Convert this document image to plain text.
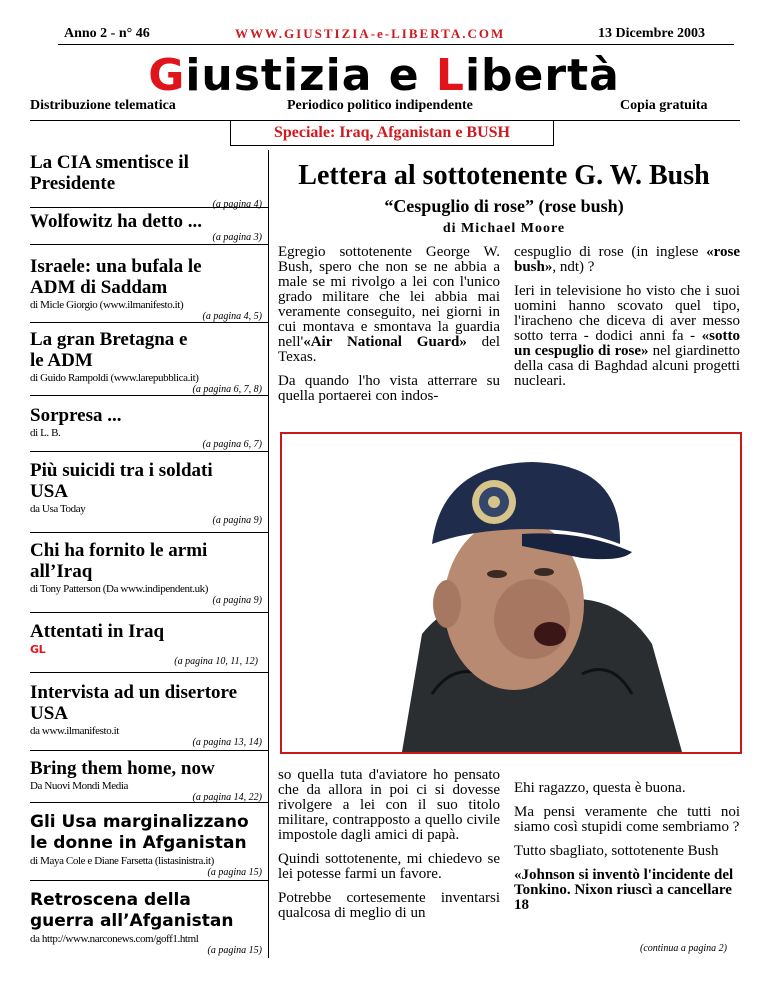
Anno 2 - n° 46	WWW.GIUSTIZIA-e-LIBERTA.COM	13 Dicembre 2003
Giustizia e Libertà
Distribuzione telematica	Periodico politico indipendente	Copia gratuita
Speciale: Iraq, Afganistan e BUSH
La CIA smentisce il Presidente
(a pagina 4)
Wolfowitz ha detto ...
(a pagina 3)
Israele: una bufala le ADM di Saddam
di Micle Giorgio (www.ilmanifesto.it)
(a pagina 4, 5)
La gran Bretagna e le ADM
di Guido Rampoldi (www.larepubblica.it)
(a pagina 6, 7, 8)
Sorpresa ...
di L. B.
(a pagina 6, 7)
Più suicidi tra i soldati USA
da Usa Today
(a pagina 9)
Chi ha fornito le armi all’Iraq
di Tony Patterson (Da www.indipendent.uk)
(a pagina 9)
Attentati in Iraq
GL
(a pagina 10, 11, 12)
Intervista ad un disertore USA
da www.ilmanifesto.it
(a pagina 13, 14)
Bring them home, now
Da Nuovi Mondi Media
(a pagina 14, 22)
Gli Usa marginalizzano le donne in Afganistan
di Maya Cole e Diane Farsetta (listasinistra.it)
(a pagina 15)
Retroscena della guerra all’Afganistan
da http://www.narconews.com/goff1.html
(a pagina 15)
Lettera al sottotenente G. W. Bush
“Cespuglio di rose” (rose bush)
di Michael Moore

Egregio sottotenente George W. Bush, spero che non se ne abbia a male se mi rivolgo a lei con l'unico grado militare che lei abbia mai veramente conseguito, nei giorni in cui montava e smontava la guardia nell'«Air National Guard» del Texas.

Da quando l'ho vista atterrare su quella portaerei con indos-

cespuglio di rose (in inglese «rose bush», ndt) ?

Ieri in televisione ho visto che i suoi uomini hanno scovato quel tipo, l'iracheno che diceva di aver messo sotto terra - dodici anni fa - «sotto un cespuglio di rose» nel giardinetto della casa di Baghdad alcuni progetti nucleari.

so quella tuta d'aviatore ho pensato che da allora in poi ci si dovesse rivolgere a lei con il suo titolo militare, contrapposto a quello civile impostole dagli amici di papà.

Quindi sottotenente, mi chiedevo se lei potesse farmi un favore.

Potrebbe cortesemente inventarsi qualcosa di meglio di un

Ehi ragazzo, questa è buona.

Ma pensi veramente che tutti noi siamo così stupidi come sembriamo ?

Tutto sbagliato, sottotenente Bush

«Johnson si inventò l'incidente del Tonkino. Nixon riuscì a cancellare 18

(continua a pagina 2)
